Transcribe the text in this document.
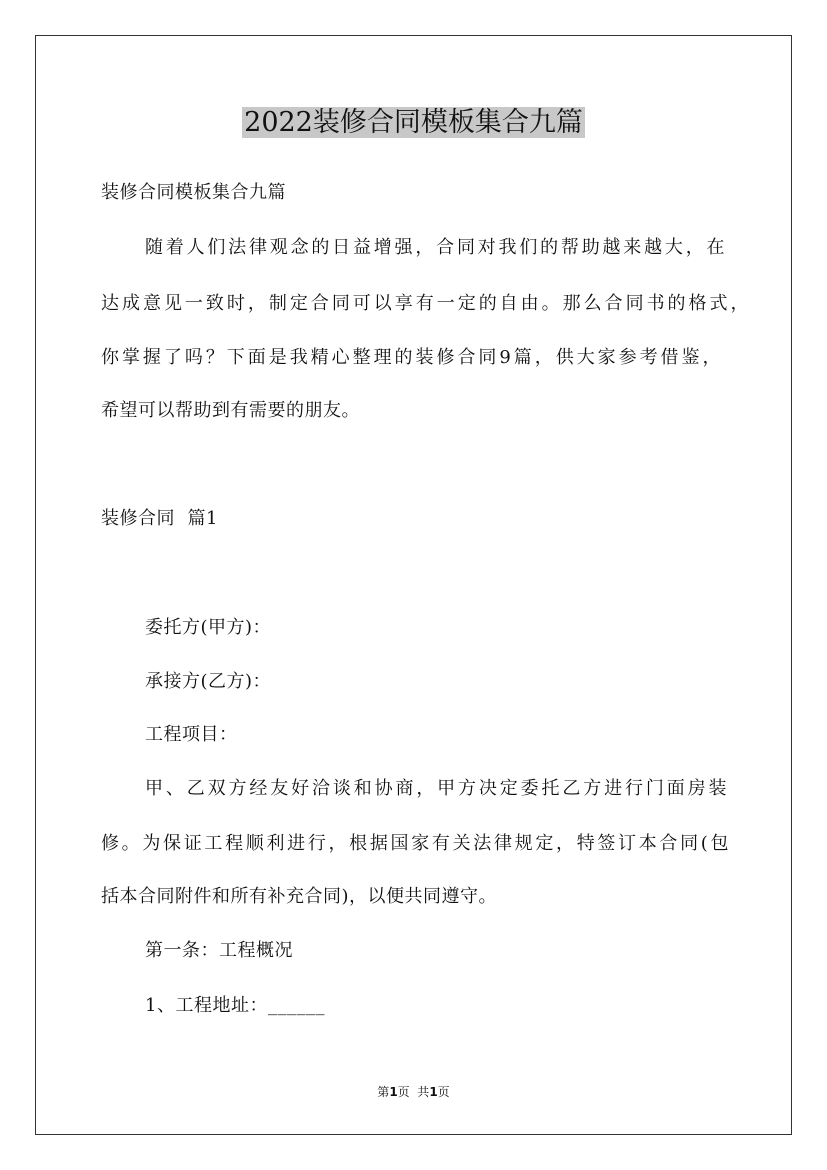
2022装修合同模板集合九篇
装修合同模板集合九篇
随着人们法律观念的日益增强，合同对我们的帮助越来越大，在
达成意见一致时，制定合同可以享有一定的自由。那么合同书的格式，
你掌握了吗？下面是我精心整理的装修合同9篇，供大家参考借鉴，
希望可以帮助到有需要的朋友。
装修合同  篇1
委托方(甲方)：
承接方(乙方)：
工程项目：
甲、乙双方经友好洽谈和协商，甲方决定委托乙方进行门面房装
修。为保证工程顺利进行，根据国家有关法律规定，特签订本合同(包
括本合同附件和所有补充合同)，以便共同遵守。
第一条：工程概况
1、工程地址：______
第1页  共1页
